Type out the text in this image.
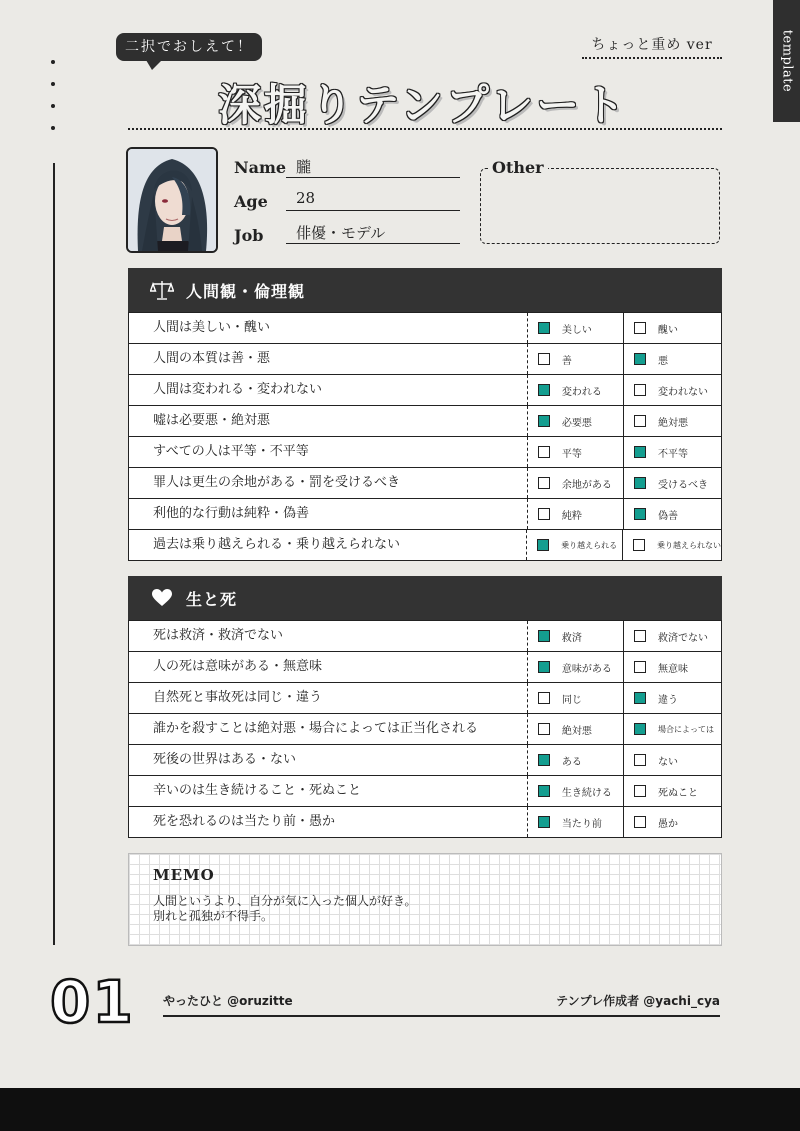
template
二択でおしえて！	ちょっと重め ver
深掘りテンプレート
Name 朧
Age	28
Job	俳優・モデル
Other
人間観・倫理観
人間は美しい・醜い	美しい	醜い
人間の本質は善・悪	善	悪
人間は変われる・変われない	変われる	変われない
嘘は必要悪・絶対悪	必要悪	絶対悪
すべての人は平等・不平等	平等	不平等
罪人は更生の余地がある・罰を受けるべき	余地がある	受けるべき
利他的な行動は純粋・偽善	純粋	偽善
過去は乗り越えられる・乗り越えられない	乗り越えられる	乗り越えられない
生と死
死は救済・救済でない	救済	救済でない
人の死は意味がある・無意味	意味がある	無意味
自然死と事故死は同じ・違う	同じ	違う
誰かを殺すことは絶対悪・場合によっては正当化される	絶対悪	場合によっては
死後の世界はある・ない	ある	ない
辛いのは生き続けること・死ぬこと	生き続ける	死ぬこと
死を恐れるのは当たり前・愚か	当たり前	愚か
MEMO
人間というより、自分が気に入った個人が好き。
別れと孤独が不得手。
01 やったひと @oruzitte	テンプレ作成者 @yachi_cya
